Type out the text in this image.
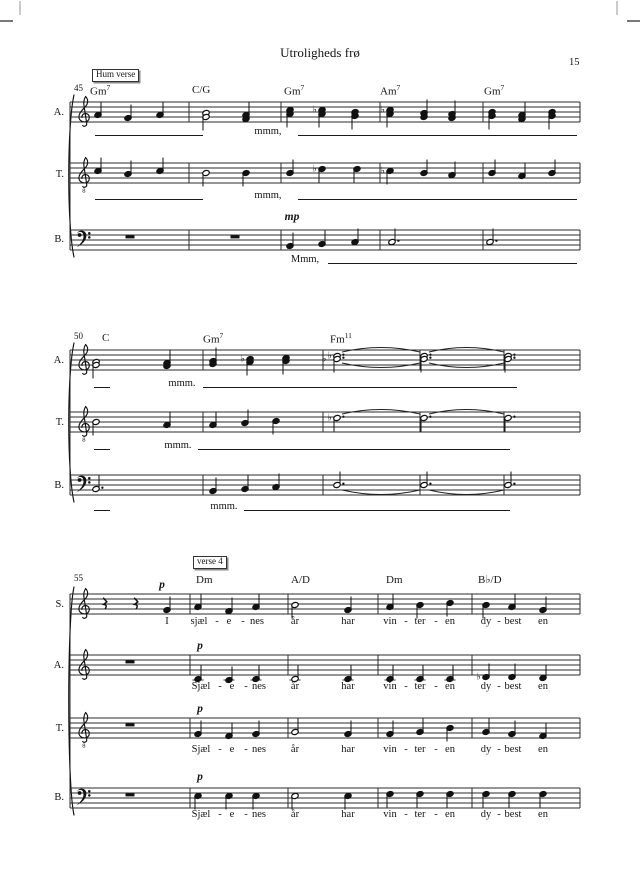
♭	♭
8
♭	♭
♭	♭
♭
8
♭
♭
8
Utroligheds frø
15
45
Hum verse
Gm$^7$	C/G	Gm$^7$	Am$^7$	Gm$^7$
A.
mmm,
T.
mmm,
B.
mp
Mmm,
50 C	Gm$^7$	Fm$^{11}$
A.
mmm.
T.
mmm.
B.
mmm.
55
verse 4
Dm	A/D	Dm	B♭/D
S.
p
I sjæl - e - nes	år	har	vin - ter - en dy - best en
A.
p
Sjæl - e - nes år	har	vin - ter - en dy - best en
T.
p
Sjæl - e - nes år	har	vin - ter - en dy - best en
B.
p
Sjæl - e - nes år	har	vin - ter - en dy - best en
